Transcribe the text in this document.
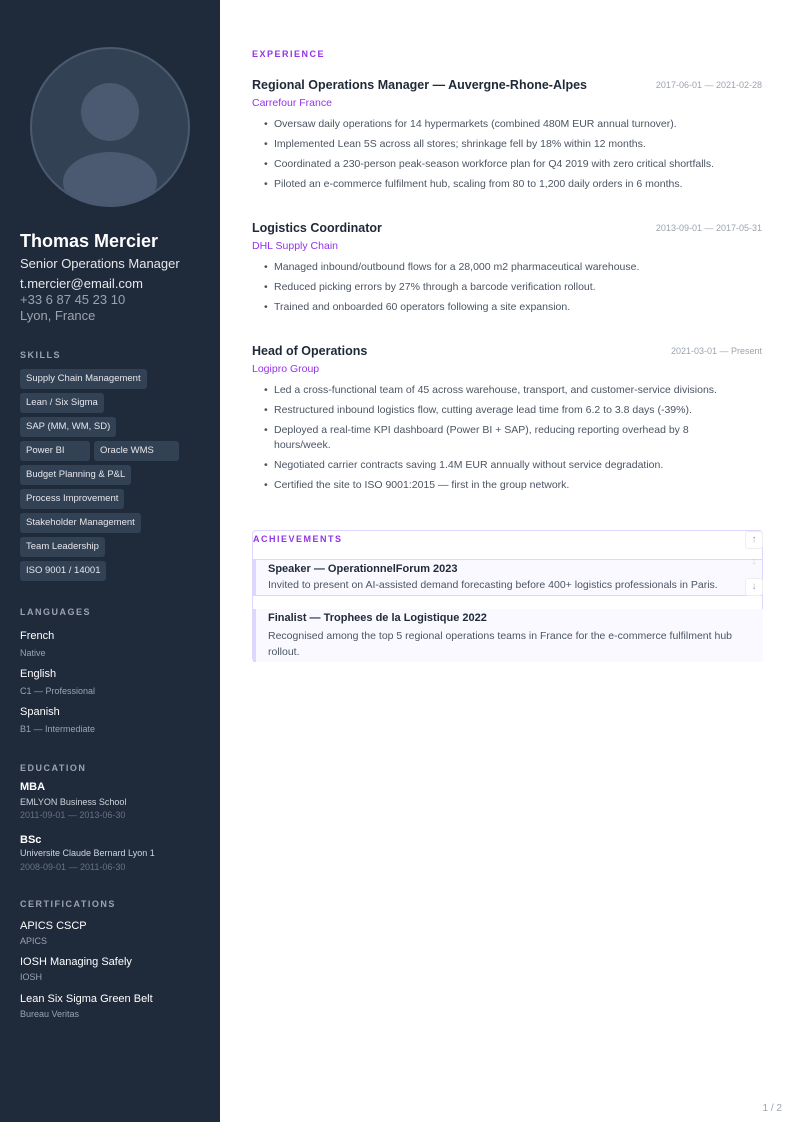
Thomas Mercier
Senior Operations Manager
t.mercier@email.com
+33 6 87 45 23 10
Lyon, France
SKILLS
Supply Chain Management
Lean / Six Sigma
SAP (MM, WM, SD)
Power BI	Oracle WMS
Budget Planning & P&L
Process Improvement
Stakeholder Management
Team Leadership
ISO 9001 / 14001
LANGUAGES
French
Native
English
C1 — Professional
Spanish
B1 — Intermediate
EDUCATION
MBA
EMLYON Business School
2011-09-01 — 2013-06-30
BSc
Universite Claude Bernard Lyon 1
2008-09-01 — 2011-06-30
CERTIFICATIONS
APICS CSCP
APICS
IOSH Managing Safely
IOSH
Lean Six Sigma Green Belt
Bureau Veritas
EXPERIENCE
Regional Operations Manager — Auvergne-Rhone-Alpes	2017-06-01 — 2021-02-28
Carrefour France
• Oversaw daily operations for 14 hypermarkets (combined 480M EUR annual turnover).
• Implemented Lean 5S across all stores; shrinkage fell by 18% within 12 months.
• Coordinated a 230-person peak-season workforce plan for Q4 2019 with zero critical shortfalls.
• Piloted an e-commerce fulfilment hub, scaling from 80 to 1,200 daily orders in 6 months.
Logistics Coordinator	2013-09-01 — 2017-05-31
DHL Supply Chain
• Managed inbound/outbound flows for a 28,000 m2 pharmaceutical warehouse.
• Reduced picking errors by 27% through a barcode verification rollout.
• Trained and onboarded 60 operators following a site expansion.
Head of Operations	2021-03-01 — Present
Logipro Group
• Led a cross-functional team of 45 across warehouse, transport, and customer-service divisions.
• Restructured inbound logistics flow, cutting average lead time from 6.2 to 3.8 days (-39%).
• Deployed a real-time KPI dashboard (Power BI + SAP), reducing reporting overhead by 8 hours/week.
• Negotiated carrier contracts saving 1.4M EUR annually without service degradation.
• Certified the site to ISO 9001:2015 — first in the group network.
ACHIEVEMENTS
Speaker — OperationnelForum 2023
Invited to present on AI-assisted demand forecasting before 400+ logistics professionals in Paris.
Finalist — Trophees de la Logistique 2022
Recognised among the top 5 regional operations teams in France for the e-commerce fulfilment hub rollout.
↑
↕
↓
1 / 2
